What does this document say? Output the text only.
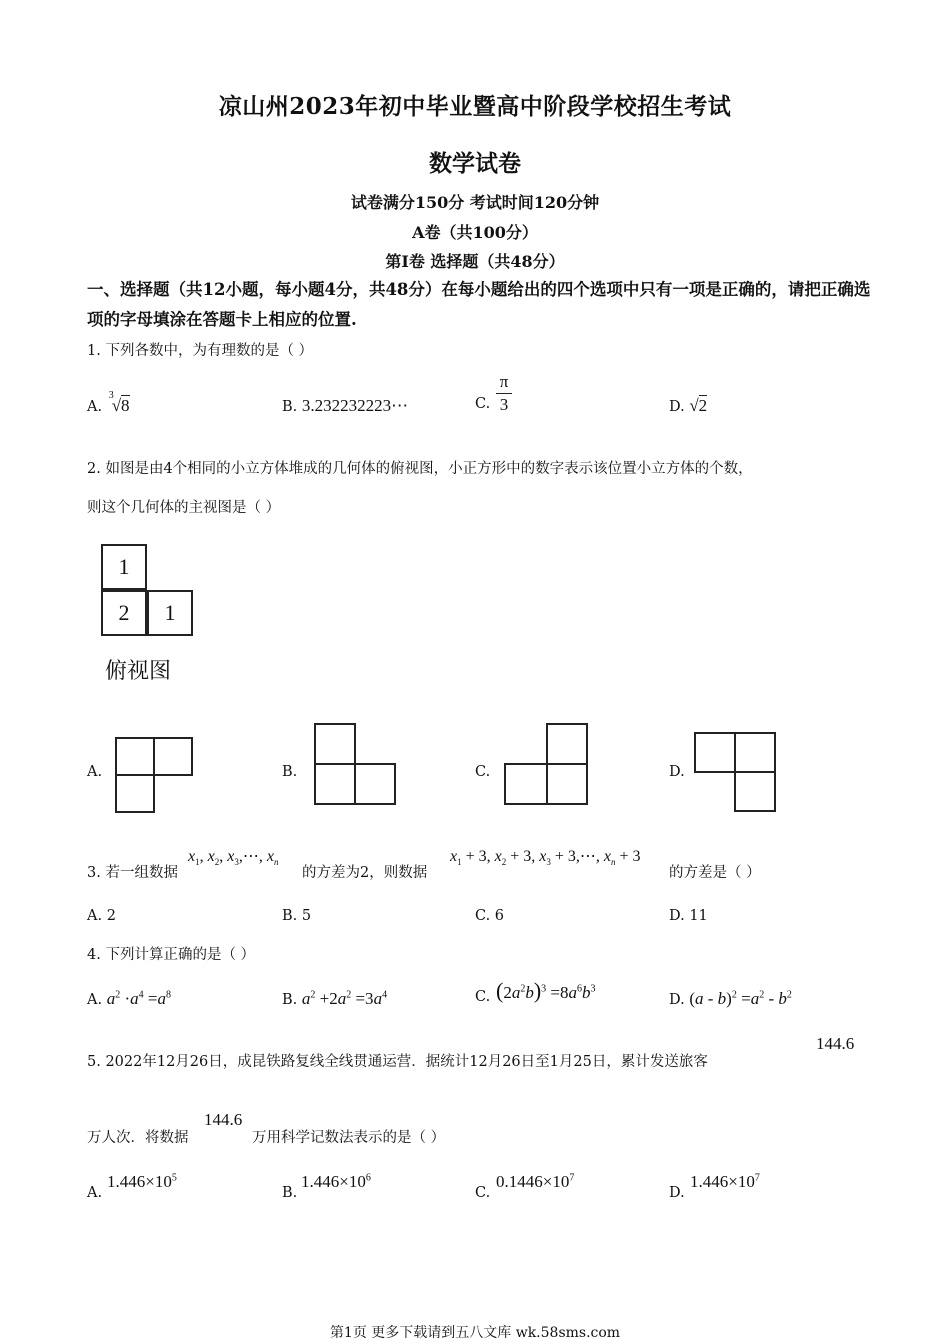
凉山州2023年初中毕业暨高中阶段学校招生考试
数学试卷
试卷满分150分 考试时间120分钟
A卷（共100分）
第Ⅰ卷 选择题（共48分）
一、选择题（共12小题，每小题4分，共48分）在每小题给出的四个选项中只有一项是正确的，请把正确选项的字母填涂在答题卡上相应的位置.
1. 下列各数中，为有理数的是（ ）
A. $^3$√8	B. 3.232232223⋯	C.
π
3	D. √2
2. 如图是由4个相同的小立方体堆成的几何体的俯视图，小正方形中的数字表示该位置小立方体的个数，
则这个几何体的主视图是（ ）
1
2	1
俯视图
A.	B.	C.	D.
3. 若一组数据
$x_1$, $x_2$, $x_3,\cdots$, $x_n$
的方差为2，则数据
$x_1 + 3$, $x_2 + 3$, $x_3$ + 3,⋯, $x_n + 3$
的方差是（ ）
A. 2	B. 5	C. 6	D. 11
4. 下列计算正确的是（ ）
A. $a^2 \cdot a^4 =a^8$	B. $a^2 +2a^2 =3a^4$	C. $(2a^2b)^3 =8a^6b^3$
D. $(a - b)^2 =a^2 - b^2$
5. 2022年12月26日，成昆铁路复线全线贯通运营．据统计12月26日至1月25日，累计发送旅客
144.6
万人次．将数据
144.6
万用科学记数法表示的是（ ）
A.
$1.446\times 10^5$
B.
$1.446\times 10^6$
C.
$0.1446\times 10^7$
D.
$1.446\times 10^7$
第1页 更多下载请到五八文库 wk.58sms.com
